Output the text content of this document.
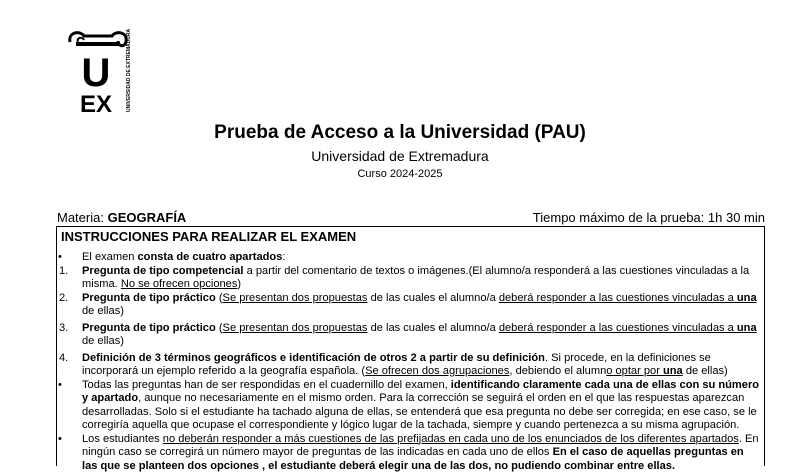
U
EX	UNIVERSIDAD DE EXTREMADURA
Prueba de Acceso a la Universidad (PAU)
Universidad de Extremadura
Curso 2024-2025
Materia: GEOGRAFÍA	Tiempo máximo de la prueba: 1h 30 min
INSTRUCCIONES PARA REALIZAR EL EXAMEN
• El examen consta de cuatro apartados:
1. Pregunta de tipo competencial a partir del comentario de textos o imágenes.(El alumno/a responderá a las cuestiones vinculadas a la misma. No se ofrecen opciones)
2. Pregunta de tipo práctico (Se presentan dos propuestas de las cuales el alumno/a deberá responder a las cuestiones vinculadas a una de ellas)
3. Pregunta de tipo práctico (Se presentan dos propuestas de las cuales el alumno/a deberá responder a las cuestiones vinculadas a una de ellas)
4. Definición de 3 términos geográficos e identificación de otros 2 a partir de su definición. Si procede, en la definiciones se incorporará un ejemplo referido a la geografía española. (Se ofrecen dos agrupaciones, debiendo el alumno optar por una de ellas)
• Todas las preguntas han de ser respondidas en el cuadernillo del examen, identificando claramente cada una de ellas con su número y apartado, aunque no necesariamente en el mismo orden. Para la corrección se seguirá el orden en el que las respuestas aparezcan desarrolladas. Solo si el estudiante ha tachado alguna de ellas, se entenderá que esa pregunta no debe ser corregida; en ese caso, se le corregiría aquella que ocupase el correspondiente y lógico lugar de la tachada, siempre y cuando pertenezca a su misma agrupación.
• Los estudiantes no deberán responder a más cuestiones de las prefijadas en cada uno de los enunciados de los diferentes apartados. En ningún caso se corregirá un número mayor de preguntas de las indicadas en cada uno de ellos En el caso de aquellas preguntas en las que se planteen dos opciones , el estudiante deberá elegir una de las dos, no pudiendo combinar entre ellas.
